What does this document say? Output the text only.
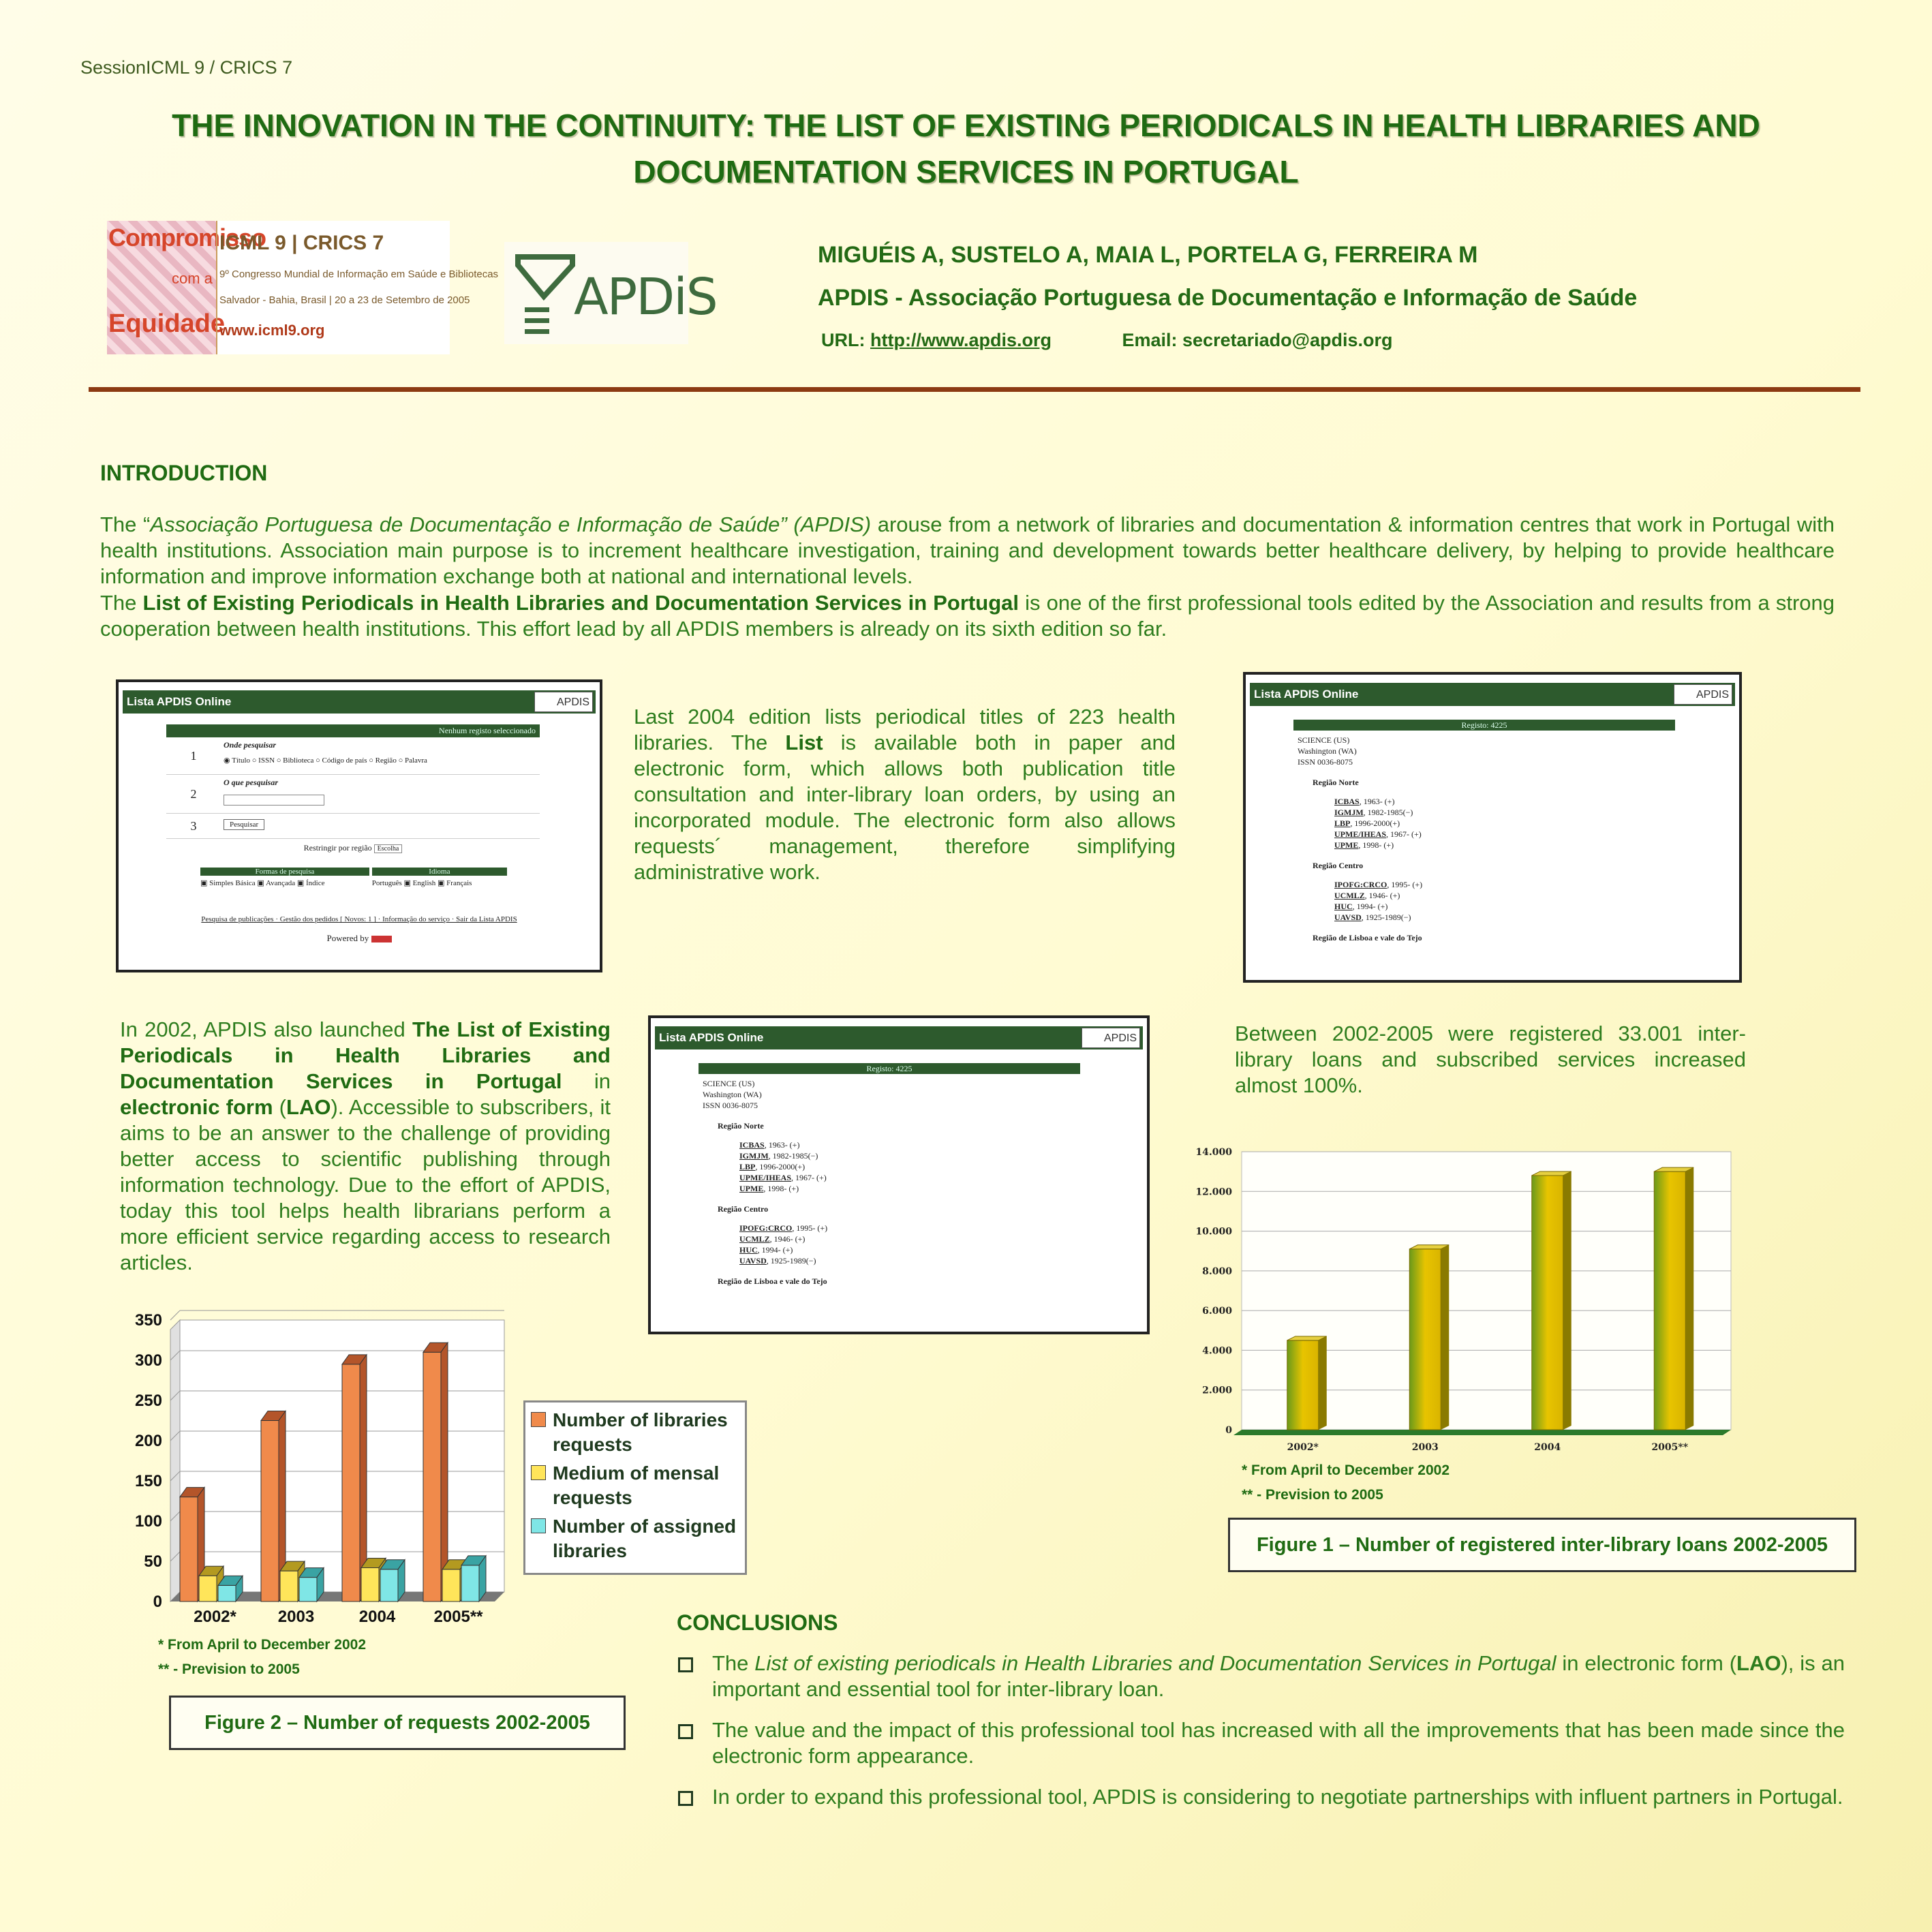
SessionICML 9 / CRICS 7
THE INNOVATION IN THE CONTINUITY: THE LIST OF EXISTING PERIODICALS IN HEALTH LIBRARIES AND
DOCUMENTATION SERVICES IN PORTUGAL
Compromisso
com a
Equidade
ICML 9 | CRICS 7
9º Congresso Mundial de Informação em Saúde e Bibliotecas
Salvador - Bahia, Brasil | 20 a 23 de Setembro de 2005
www.icml9.org
APDiS
MIGUÉIS A, SUSTELO A, MAIA L, PORTELA G, FERREIRA M
APDIS - Associação Portuguesa de Documentação e Informação de Saúde
URL: http://www.apdis.org	Email: secretariado@apdis.org
INTRODUCTION
The “Associação Portuguesa de Documentação e Informação de Saúde” (APDIS) arouse from a network of libraries and documentation & information centres that work in Portugal with health institutions. Association main purpose is to increment healthcare investigation, training and development towards better healthcare delivery, by helping to provide healthcare information and improve information exchange both at national and international levels.
The List of Existing Periodicals in Health Libraries and Documentation Services in Portugal is one of the first professional tools edited by the Association and results from a strong cooperation between health institutions. This effort lead by all APDIS members is already on its sixth edition so far.
Lista APDIS Online	APDIS
Nenhum registo seleccionado
1
Onde pesquisar
◉ Título ○ ISSN ○ Biblioteca ○ Código de país ○ Região ○ Palavra
2
O que pesquisar
3	Pesquisar
Restringir por região Escolha
Formas de pesquisa	Idioma
▣ Simples Básica ▣ Avançada ▣ Índice	Português ▣ English ▣ Français
Pesquisa de publicações · Gestão dos pedidos [ Novos: 1 ] · Informação do serviço · Sair da Lista APDIS
Powered by
Last 2004 edition lists periodical titles of 223 health libraries. The List is available both in paper and electronic form, which allows both publication title consultation and inter-library loan orders, by using an incorporated module. The electronic form also allows requests´ management, therefore simplifying administrative work.
Lista APDIS Online	APDIS
Registo: 4225
SCIENCE (US)
Washington (WA)
ISSN 0036-8075
Região Norte
ICBAS, 1963- (+)
IGMJM, 1982-1985(−)
LBP, 1996-2000(+)
UPME/IHEAS, 1967- (+)
UPME, 1998- (+)
Região Centro
IPOFG:CRCO, 1995- (+)
UCMLZ, 1946- (+)
HUC, 1994- (+)
UAVSD, 1925-1989(−)
Região de Lisboa e vale do Tejo
In 2002, APDIS also launched The List of Existing Periodicals in Health Libraries and Documentation Services in Portugal in electronic form (LAO). Accessible to subscribers, it aims to be an answer to the challenge of providing better access to scientific publishing through information technology. Due to the effort of APDIS, today this tool helps health librarians perform a more efficient service regarding access to research articles.
Lista APDIS Online	APDIS
Registo: 4225
SCIENCE (US)
Washington (WA)
ISSN 0036-8075
Região Norte
ICBAS, 1963- (+)
IGMJM, 1982-1985(−)
LBP, 1996-2000(+)
UPME/IHEAS, 1967- (+)
UPME, 1998- (+)
Região Centro
IPOFG:CRCO, 1995- (+)
UCMLZ, 1946- (+)
HUC, 1994- (+)
UAVSD, 1925-1989(−)
Região de Lisboa e vale do Tejo
Between 2002-2005 were registered 33.001 inter-library loans and subscribed services increased almost 100%.
0
2.000
4.000
6.000
8.000
10.000
12.000
14.000
2002*	2003	2004	2005**
* From April to December 2002
** - Prevision to 2005
Figure 1 – Number of registered inter-library loans 2002-2005
0
50
100
150
200
250
300
350
2002*	2003	2004 2005**
Number of libraries requests
Medium of mensal requests
Number of assigned libraries
* From April to December 2002
** - Prevision to 2005
Figure 2 – Number of requests 2002-2005
CONCLUSIONS
The List of existing periodicals in Health Libraries and Documentation Services in Portugal in electronic form (LAO), is an important and essential tool for inter-library loan.
The value and the impact of this professional tool has increased with all the improvements that has been made since the electronic form appearance.
In order to expand this professional tool, APDIS is considering to negotiate partnerships with influent partners in Portugal.
